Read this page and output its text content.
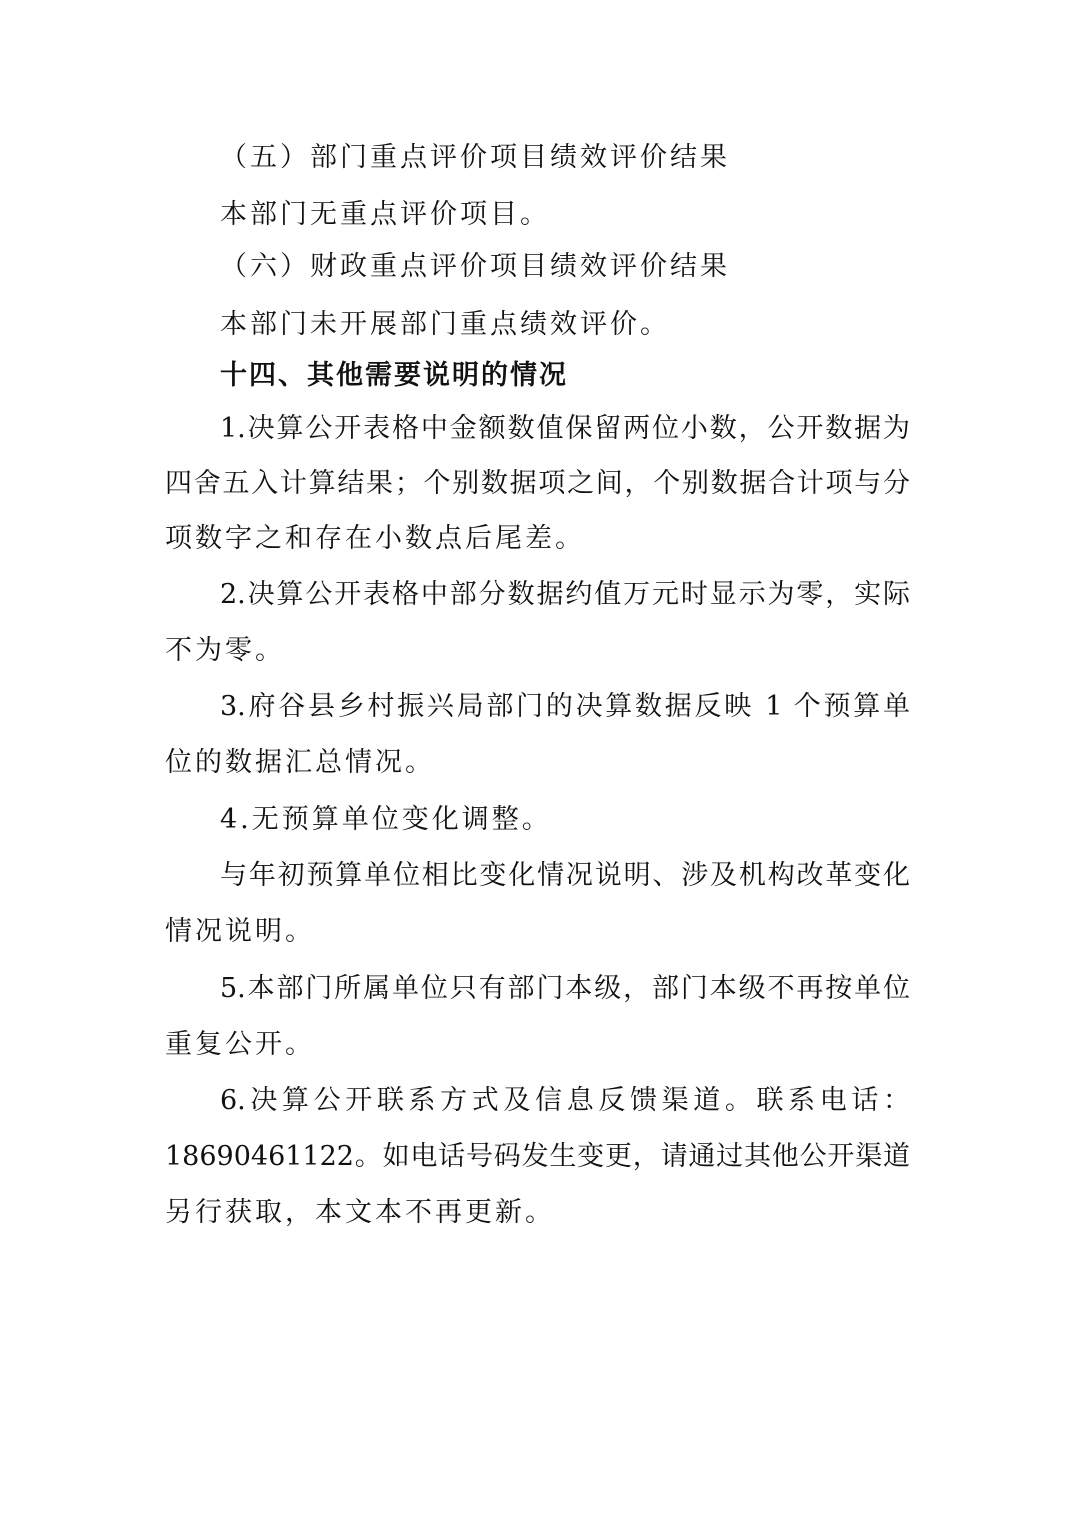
（五）部门重点评价项目绩效评价结果
本部门无重点评价项目。
（六）财政重点评价项目绩效评价结果
本部门未开展部门重点绩效评价。
十四、其他需要说明的情况
1.决算公开表格中金额数值保留两位小数，公开数据为
四舍五入计算结果；个别数据项之间，个别数据合计项与分
项数字之和存在小数点后尾差。
2.决算公开表格中部分数据约值万元时显示为零，实际
不为零。
3.府谷县乡村振兴局部门的决算数据反映 1 个预算单
位的数据汇总情况。
4.无预算单位变化调整。
与年初预算单位相比变化情况说明、涉及机构改革变化
情况说明。
5.本部门所属单位只有部门本级，部门本级不再按单位
重复公开。
6.决算公开联系方式及信息反馈渠道。联系电话：
18690461122。如电话号码发生变更，请通过其他公开渠道
另行获取，本文本不再更新。
